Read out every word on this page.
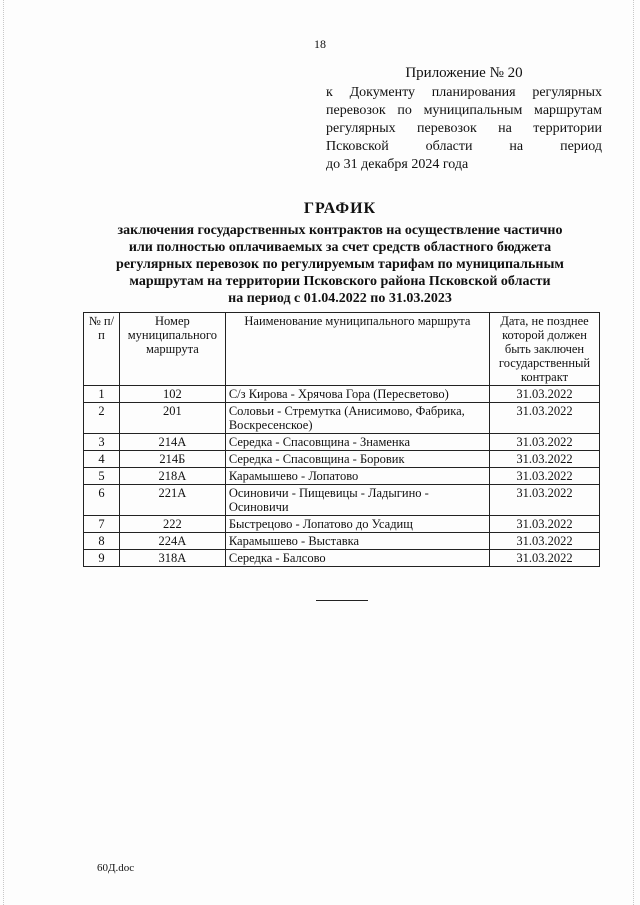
18
Приложение № 20
к Документу планирования регулярных
перевозок по муниципальным маршрутам
регулярных перевозок на территории
Псковской области на период
до 31 декабря 2024 года
ГРАФИК
заключения государственных контрактов на осуществление частично
или полностью оплачиваемых за счет средств областного бюджета
регулярных перевозок по регулируемым тарифам по муниципальным
маршрутам на территории Псковского района Псковской области
на период с 01.04.2022 по 31.03.2023
№ п/п	Номер муниципального маршрута	Наименование муниципального маршрута	Дата, не позднее которой должен быть заключен государственный контракт
1	102	С/з Кирова - Хрячова Гора (Пересветово)	31.03.2022
2	201	Соловьи - Стремутка (Анисимово, Фабрика, Воскресенское)	31.03.2022
3	214А	Середка - Спасовщина - Знаменка	31.03.2022
4	214Б	Середка - Спасовщина - Боровик	31.03.2022
5	218А	Карамышево - Лопатово	31.03.2022
6	221А	Осиновичи - Пищевицы - Ладыгино - Осиновичи	31.03.2022
7	222	Быстрецово - Лопатово до Усадищ	31.03.2022
8	224А	Карамышево - Выставка	31.03.2022
9	318А	Середка - Балсово	31.03.2022
60Д.doc
